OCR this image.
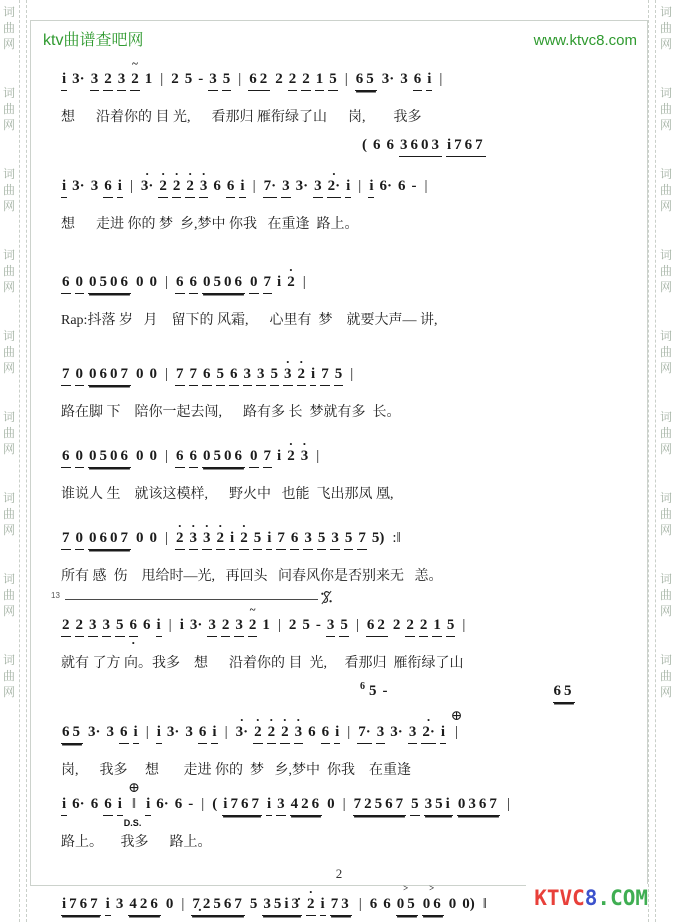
词
曲
网
词
曲
网
词
曲
网
词
曲
网
词
曲
网
词
曲
网
词
曲
网
词
曲
网
词
曲
网
词
曲
网
词
曲
网
词
曲
网
词
曲
网
词
曲
网
词
曲
网
词
曲
网
词
曲
网
词
曲
网
ktv曲谱查吧网	www.ktvc8.com
i 3· 3 2 3 2
~
1 | 2 5 - 3 5 | 62 2 2 2 1 5 | 65 3· 3 6 i |
想      沿着你的 目 光,      看那归 雁衔绿了山      岗,        我多
( 6 6 3603 i767
i 3· 3 6 i | 3·
·
2
·
2
·
2
·
3
·
6 6 i | 7· 3 3· 3 2·
·
i | i 6· 6 - |
想      走进 你的 梦  乡,梦中 你我   在重逢  路上。
6 0 0506 0 0 | 6 6 0506 0 7 i 2
·
|
Rap:抖落 岁   月    留下的 风霜,      心里有  梦    就要大声— 讲,
7 0 0607 0 0 | 7 7 6 5 6 3 3 5 3
·
2
·
i 7 5 |
路在脚 下    陪你一起去闯,      路有多 长  梦就有多  长。
6 0 0506 0 0 | 6 6 0506 0 7 i 2
·
3
·
|
谁说人 生    就该这模样,      野火中   也能  飞出那凤 凰,
7 0 0607 0 0 | 2
·
3
·
3
·
2
·
i 2
·
5 i 7 6 3 5 3 5 7 5) :‖
所有 感  伤    甩给时—光,   再回头   问春风你是否别来无   恙。
13
2 2 3 3 5 6
·
6 i | i 3· 3 2 3 2
~
1 | 2 5 - 3 5 | 62 2 2 2 1 5 |
就有 了方 向。我多    想      沿着你的 目  光,     看那归  雁衔绿了山
6 5 -	65
65 3· 3 6 i | i 3· 3 6 i | 3·
·
2
·
2
·
2
·
3
·
6 6 i | 7· 3 3· 3 2·
·
i |
⊕
岗,      我多     想       走进 你的  梦   乡,梦中  你我    在重逢
i 6· 6 6 i ‖
⊕
D.S.
i 6· 6 - | ( i767 i 3 426 0 | 72567 5 35i 0367 |
路上。     我多      路上。
i767 i 3 426 0 | 7̣2567 5 35i3̇ 2
·
i 73 | 6 6 05
>
06
>
0 0) ‖
2
KTVC8.COM
